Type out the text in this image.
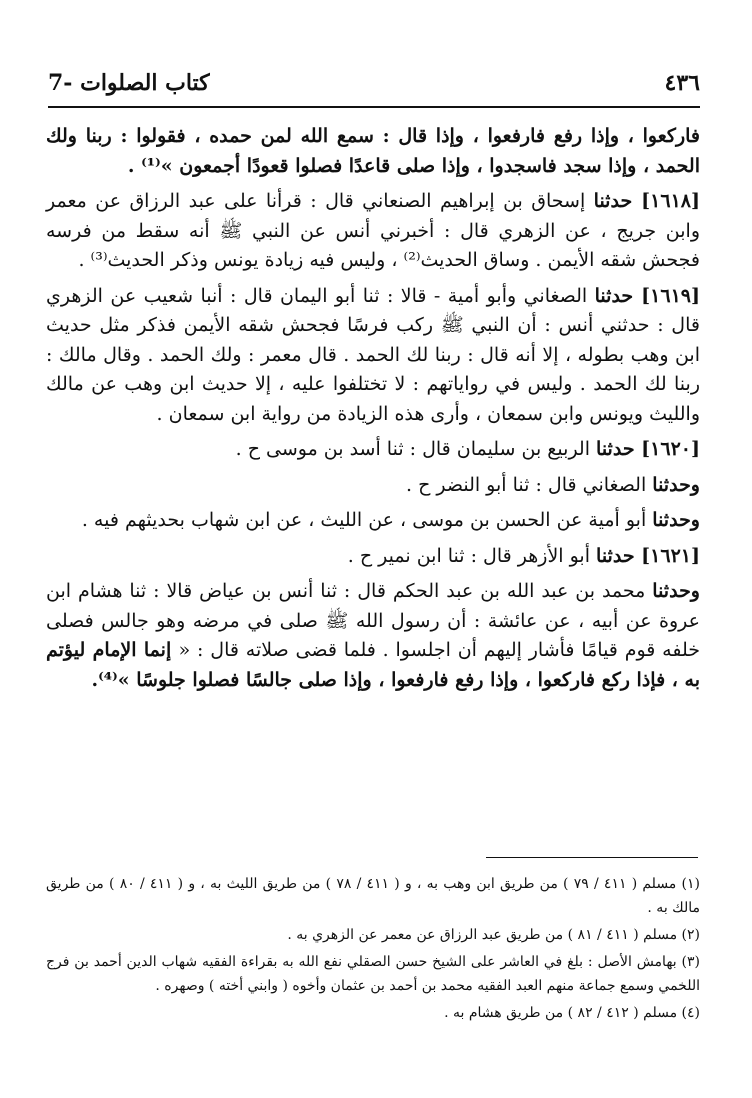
٤٣٦
7- كتاب الصلوات

فاركعوا ، وإذا رفع فارفعوا ، وإذا قال : سمع الله لمن حمده ، فقولوا : ربنا ولك الحمد ، وإذا سجد فاسجدوا ، وإذا صلى قاعدًا فصلوا قعودًا أجمعون »⁽¹⁾ .

[١٦١٨] حدثنا إسحاق بن إبراهيم الصنعاني قال : قرأنا على عبد الرزاق عن معمر وابن جريج ، عن الزهري قال : أخبرني أنس عن النبي ﷺ أنه سقط من فرسه فجحش شقه الأيمن . وساق الحديث⁽²⁾ ، وليس فيه زيادة يونس وذكر الحديث⁽³⁾ .

[١٦١٩] حدثنا الصغاني وأبو أمية - قالا : ثنا أبو اليمان قال : أنبا شعيب عن الزهري قال : حدثني أنس : أن النبي ﷺ ركب فرسًا فجحش شقه الأيمن فذكر مثل حديث ابن وهب بطوله ، إلا أنه قال : ربنا لك الحمد . قال معمر : ولك الحمد . وقال مالك : ربنا لك الحمد . وليس في رواياتهم : لا تختلفوا عليه ، إلا حديث ابن وهب عن مالك والليث ويونس وابن سمعان ، وأرى هذه الزيادة من رواية ابن سمعان .

[١٦٢٠] حدثنا الربيع بن سليمان قال : ثنا أسد بن موسى ح .

وحدثنا الصغاني قال : ثنا أبو النضر ح .

وحدثنا أبو أمية عن الحسن بن موسى ، عن الليث ، عن ابن شهاب بحديثهم فيه .

[١٦٢١] حدثنا أبو الأزهر قال : ثنا ابن نمير ح .

وحدثنا محمد بن عبد الله بن عبد الحكم قال : ثنا أنس بن عياض قالا : ثنا هشام ابن عروة عن أبيه ، عن عائشة : أن رسول الله ﷺ صلى في مرضه وهو جالس فصلى خلفه قوم قيامًا فأشار إليهم أن اجلسوا . فلما قضى صلاته قال : « إنما الإمام ليؤتم به ، فإذا ركع فاركعوا ، وإذا رفع فارفعوا ، وإذا صلى جالسًا فصلوا جلوسًا »⁽⁴⁾.

(١) مسلم ( ٤١١ / ٧٩ ) من طريق ابن وهب به ، و ( ٤١١ / ٧٨ ) من طريق الليث به ، و ( ٤١١ / ٨٠ ) من طريق مالك به .

(٢) مسلم ( ٤١١ / ٨١ ) من طريق عبد الرزاق عن معمر عن الزهري به .

(٣) بهامش الأصل : بلغ في العاشر على الشيخ حسن الصقلي نفع الله به بقراءة الفقيه شهاب الدين أحمد بن فرج اللخمي وسمع جماعة منهم العبد الفقيه محمد بن أحمد بن عثمان وأخوه ( وابني أخته ) وصهره .

(٤) مسلم ( ٤١٢ / ٨٢ ) من طريق هشام به .
